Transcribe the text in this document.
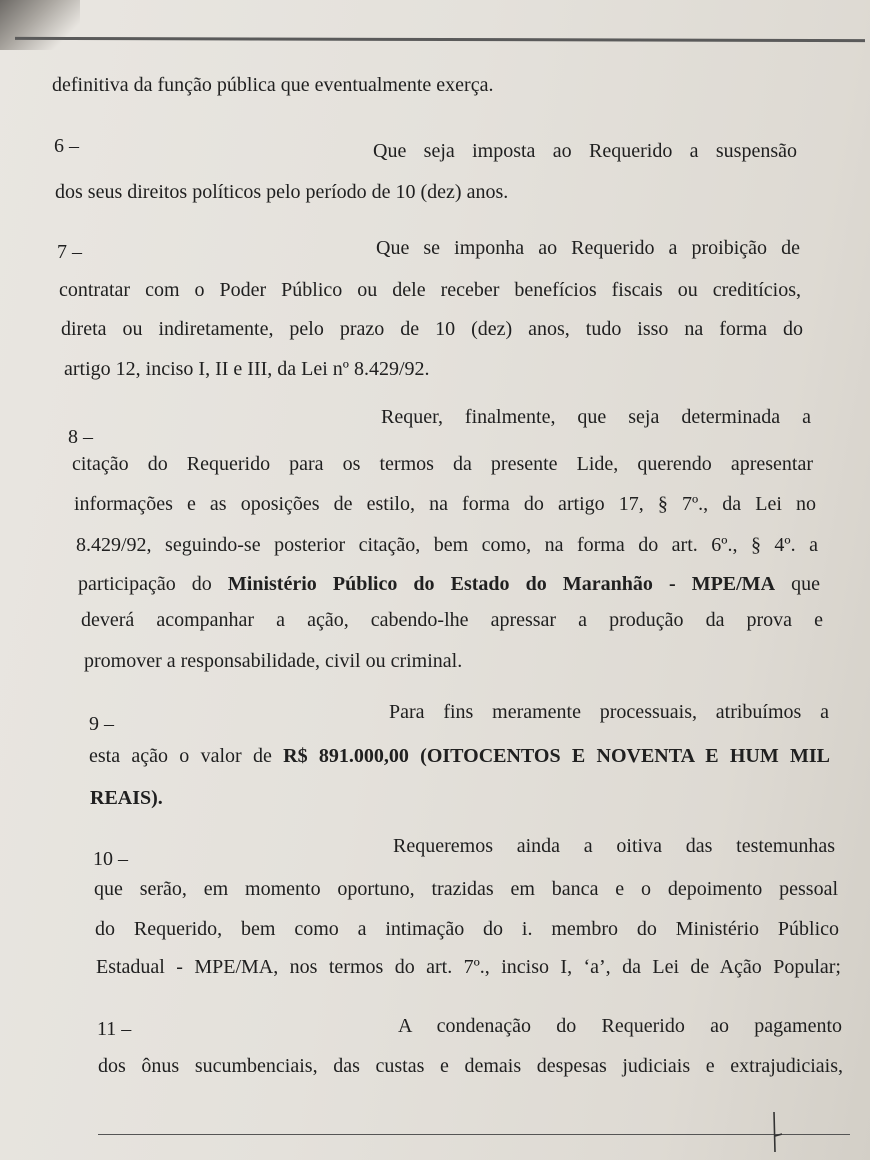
definitiva da função pública que eventualmente exerça.
6 –	Que seja imposta ao Requerido a suspensão
dos seus direitos políticos pelo período de 10 (dez) anos.
7 –	Que se imponha ao Requerido a proibição de
contratar com o Poder Público ou dele receber benefícios fiscais ou creditícios,
direta ou indiretamente, pelo prazo de 10 (dez) anos, tudo isso na forma do
artigo 12, inciso I, II e III, da Lei nº 8.429/92.
8 –
Requer, finalmente, que seja determinada a
citação do Requerido para os termos da presente Lide, querendo apresentar
informações e as oposições de estilo, na forma do artigo 17, § 7º., da Lei no
8.429/92, seguindo-se posterior citação, bem como, na forma do art. 6º., § 4º. a
participação do Ministério Público do Estado do Maranhão - MPE/MA que
deverá acompanhar a ação, cabendo-lhe apressar a produção da prova e
promover a responsabilidade, civil ou criminal.
9 –
Para fins meramente processuais, atribuímos a
esta ação o valor de R$ 891.000,00 (OITOCENTOS E NOVENTA E HUM MIL
REAIS).
10 –
Requeremos ainda a oitiva das testemunhas
que serão, em momento oportuno, trazidas em banca e o depoimento pessoal
do Requerido, bem como a intimação do i. membro do Ministério Público
Estadual - MPE/MA, nos termos do art. 7º., inciso I, ‘a’, da Lei de Ação Popular;
11 –	A condenação do Requerido ao pagamento
dos ônus sucumbenciais, das custas e demais despesas judiciais e extrajudiciais,
